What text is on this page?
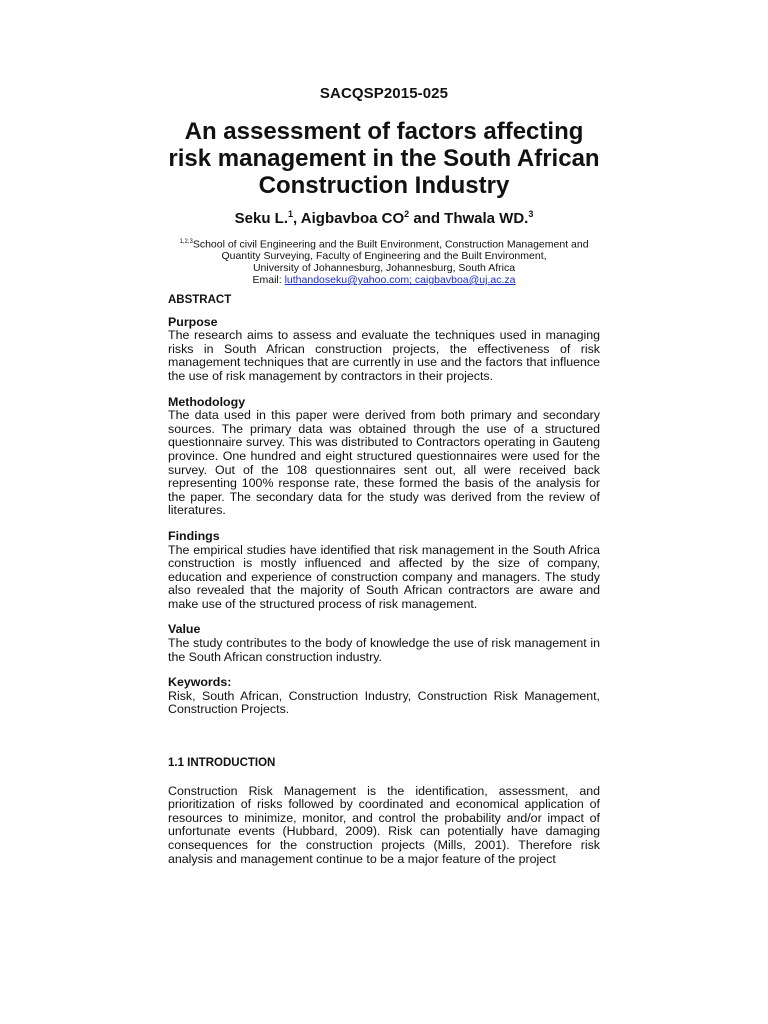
SACQSP2015-025
An assessment of factors affecting
risk management in the South African
Construction Industry
Seku L.$^1$, Aigbavboa $CO^2$ and Thwala WD.$^3$
$^{1,2,3}$School of civil Engineering and the Built Environment, Construction Management and
Quantity Surveying, Faculty of Engineering and the Built Environment,
University of Johannesburg, Johannesburg, South Africa
Email: luthandoseku@yahoo.com; caigbavboa@uj.ac.za
ABSTRACT
Purpose
The research aims to assess and evaluate the techniques used in managing risks in South African construction projects, the effectiveness of risk management techniques that are currently in use and the factors that influence the use of risk management by contractors in their projects.
Methodology
The data used in this paper were derived from both primary and secondary sources. The primary data was obtained through the use of a structured questionnaire survey. This was distributed to Contractors operating in Gauteng province. One hundred and eight structured questionnaires were used for the survey. Out of the 108 questionnaires sent out, all were received back representing 100% response rate, these formed the basis of the analysis for the paper. The secondary data for the study was derived from the review of literatures.
Findings
The empirical studies have identified that risk management in the South Africa construction is mostly influenced and affected by the size of company, education and experience of construction company and managers. The study also revealed that the majority of South African contractors are aware and make use of the structured process of risk management.
Value
The study contributes to the body of knowledge the use of risk management in the South African construction industry.
Keywords:
Risk, South African, Construction Industry, Construction Risk Management, Construction Projects.
1.1 INTRODUCTION
Construction Risk Management is the identification, assessment, and prioritization of risks followed by coordinated and economical application of resources to minimize, monitor, and control the probability and/or impact of unfortunate events (Hubbard, 2009). Risk can potentially have damaging consequences for the construction projects (Mills, 2001). Therefore risk analysis and management continue to be a major feature of the project
